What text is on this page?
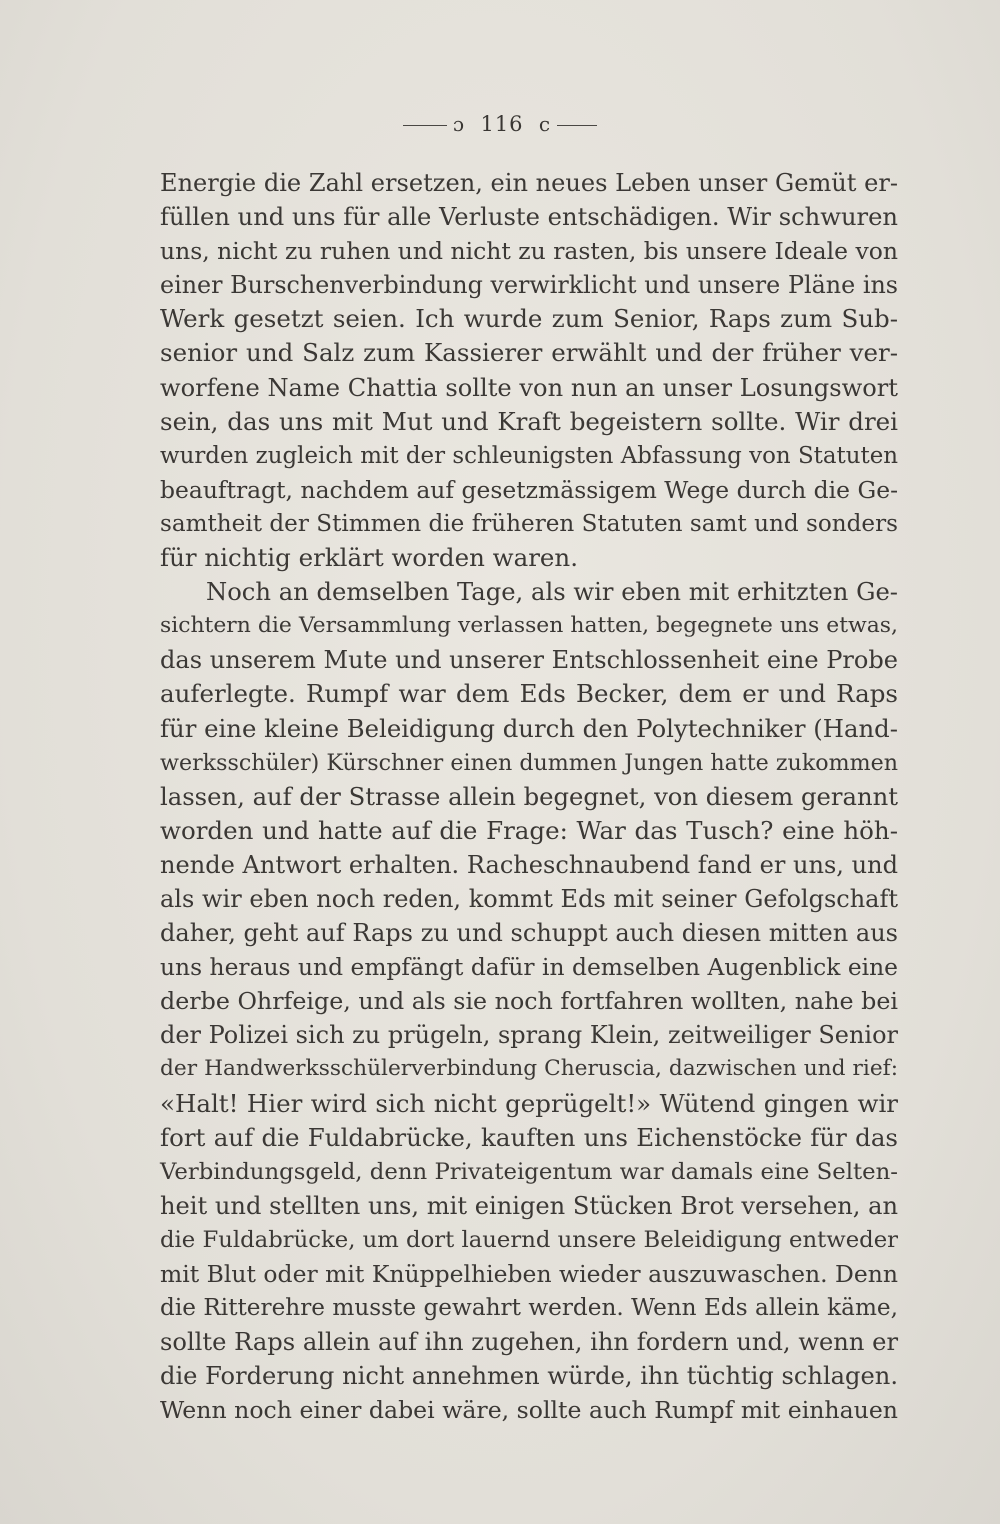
ɔ 116 c
Energie die Zahl ersetzen, ein neues Leben unser Gemüt er-
füllen und uns für alle Verluste entschädigen. Wir schwuren
uns, nicht zu ruhen und nicht zu rasten, bis unsere Ideale von
einer Burschenverbindung verwirklicht und unsere Pläne ins
Werk gesetzt seien. Ich wurde zum Senior, Raps zum Sub-
senior und Salz zum Kassierer erwählt und der früher ver-
worfene Name Chattia sollte von nun an unser Losungswort
sein, das uns mit Mut und Kraft begeistern sollte. Wir drei
wurden zugleich mit der schleunigsten Abfassung von Statuten
beauftragt, nachdem auf gesetzmässigem Wege durch die Ge-
samtheit der Stimmen die früheren Statuten samt und sonders
für nichtig erklärt worden waren.
Noch an demselben Tage, als wir eben mit erhitzten Ge-
sichtern die Versammlung verlassen hatten, begegnete uns etwas,
das unserem Mute und unserer Entschlossenheit eine Probe
auferlegte. Rumpf war dem Eds Becker, dem er und Raps
für eine kleine Beleidigung durch den Polytechniker (Hand-
werksschüler) Kürschner einen dummen Jungen hatte zukommen
lassen, auf der Strasse allein begegnet, von diesem gerannt
worden und hatte auf die Frage: War das Tusch? eine höh-
nende Antwort erhalten. Racheschnaubend fand er uns, und
als wir eben noch reden, kommt Eds mit seiner Gefolgschaft
daher, geht auf Raps zu und schuppt auch diesen mitten aus
uns heraus und empfängt dafür in demselben Augenblick eine
derbe Ohrfeige, und als sie noch fortfahren wollten, nahe bei
der Polizei sich zu prügeln, sprang Klein, zeitweiliger Senior
der Handwerksschülerverbindung Cheruscia, dazwischen und rief:
«Halt! Hier wird sich nicht geprügelt!» Wütend gingen wir
fort auf die Fuldabrücke, kauften uns Eichenstöcke für das
Verbindungsgeld, denn Privateigentum war damals eine Selten-
heit und stellten uns, mit einigen Stücken Brot versehen, an
die Fuldabrücke, um dort lauernd unsere Beleidigung entweder
mit Blut oder mit Knüppelhieben wieder auszuwaschen. Denn
die Ritterehre musste gewahrt werden. Wenn Eds allein käme,
sollte Raps allein auf ihn zugehen, ihn fordern und, wenn er
die Forderung nicht annehmen würde, ihn tüchtig schlagen.
Wenn noch einer dabei wäre, sollte auch Rumpf mit einhauen
